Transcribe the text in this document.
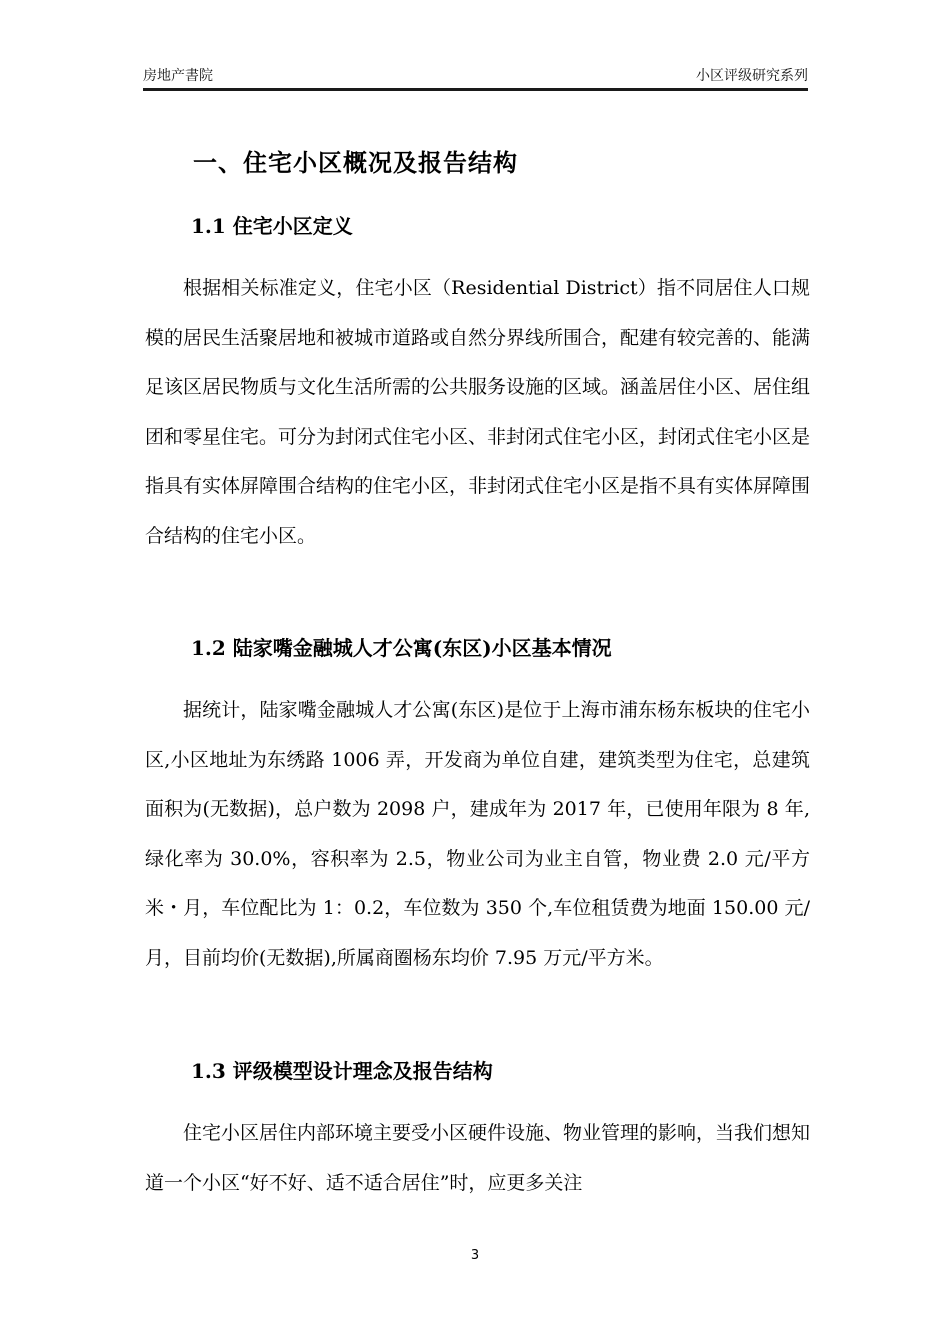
房地产書院	小区评级研究系列
一、住宅小区概况及报告结构
1.1 住宅小区定义

根据相关标准定义，住宅小区（Residential District）指不同居住人口规模的居民生活聚居地和被城市道路或自然分界线所围合，配建有较完善的、能满足该区居民物质与文化生活所需的公共服务设施的区域。涵盖居住小区、居住组团和零星住宅。可分为封闭式住宅小区、非封闭式住宅小区，封闭式住宅小区是指具有实体屏障围合结构的住宅小区，非封闭式住宅小区是指不具有实体屏障围合结构的住宅小区。

1.2 陆家嘴金融城人才公寓(东区)小区基本情况

据统计，陆家嘴金融城人才公寓(东区)是位于上海市浦东杨东板块的住宅小区,小区地址为东绣路 1006 弄，开发商为单位自建，建筑类型为住宅，总建筑面积为(无数据)，总户数为 2098 户，建成年为 2017 年，已使用年限为 8 年,绿化率为 30.0%，容积率为 2.5，物业公司为业主自管，物业费 2.0 元/平方米・月，车位配比为 1：0.2，车位数为 350 个,车位租赁费为地面 150.00 元/月，目前均价(无数据),所属商圈杨东均价 7.95 万元/平方米。

1.3 评级模型设计理念及报告结构

住宅小区居住内部环境主要受小区硬件设施、物业管理的影响，当我们想知道一个小区“好不好、适不适合居住”时，应更多关注

3
